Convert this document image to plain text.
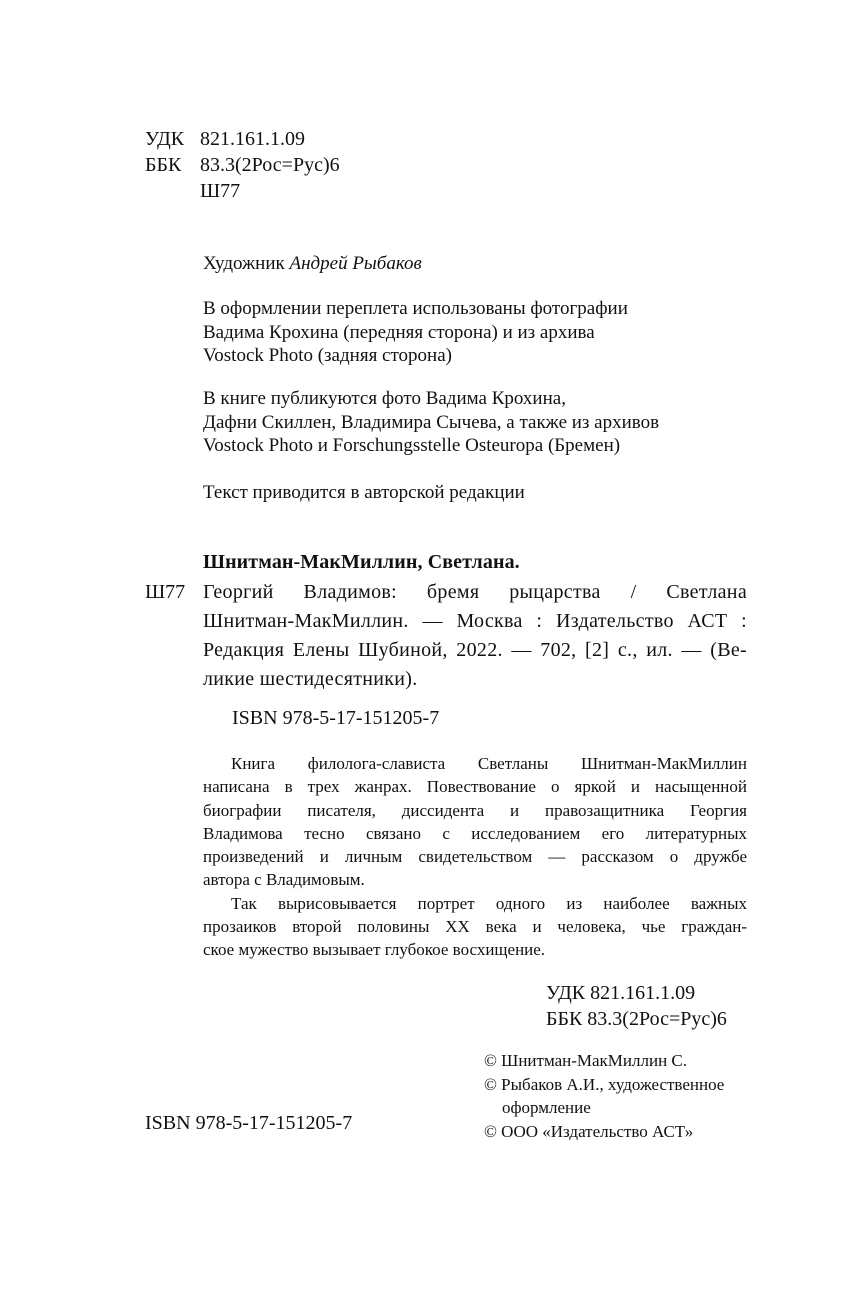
УДК 821.161.1.09
ББК 83.3(2Рос=Рус)6
Ш77
Художник Андрей Рыбаков
В оформлении переплета использованы фотографии
Вадима Крохина (передняя сторона) и из архива
Vostock Photo (задняя сторона)
В книге публикуются фото Вадима Крохина,
Дафни Скиллен, Владимира Сычева, а также из архивов
Vostock Photo и Forschungsstelle Osteuropa (Бремен)
Текст приводится в авторской редакции
Шнитман-МакМиллин, Светлана.
Ш77 Георгий Владимов: бремя рыцарства / Светлана
Шнитман-МакМиллин. — Москва : Издательство АСТ :
Редакция Елены Шубиной, 2022. — 702, [2] с., ил. — (Ве-
ликие шестидесятники).
ISBN 978-5-17-151205-7
Книга филолога-слависта Светланы Шнитман-МакМиллин
написана в трех жанрах. Повествование о яркой и насыщенной
биографии писателя, диссидента и правозащитника Георгия
Владимова тесно связано с исследованием его литературных
произведений и личным свидетельством — рассказом о дружбе
автора с Владимовым.
Так вырисовывается портрет одного из наиболее важных
прозаиков второй половины XX века и человека, чье граждан-
ское мужество вызывает глубокое восхищение.
УДК 821.161.1.09
ББК 83.3(2Рос=Рус)6
© Шнитман-МакМиллин С.
© Рыбаков А.И., художественное
оформление
© ООО «Издательство АСТ»
ISBN 978-5-17-151205-7
